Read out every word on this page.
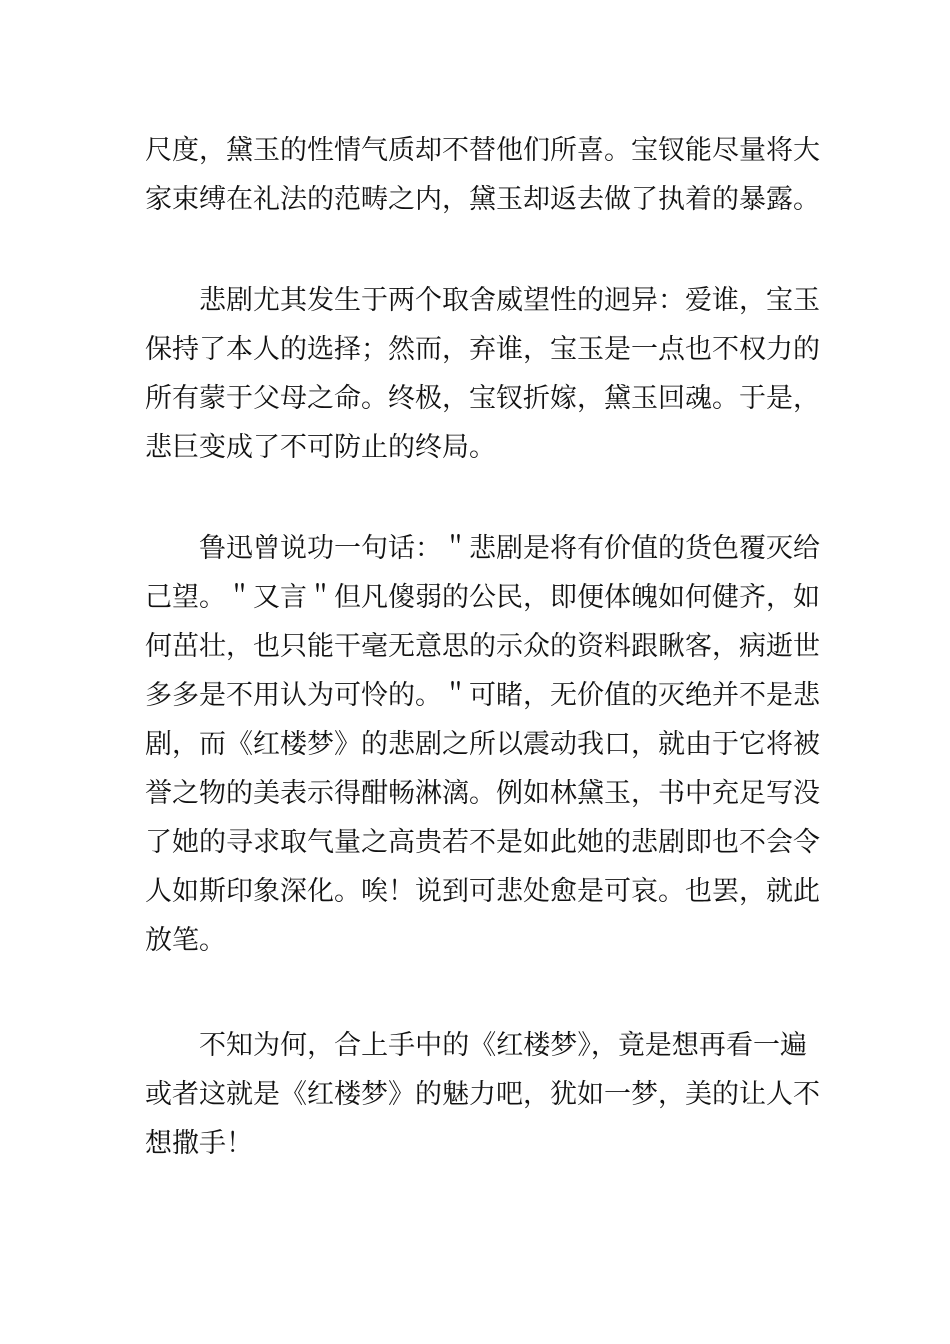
尺度，黛玉的性情气质却不替他们所喜。宝钗能尽量将大
家束缚在礼法的范畴之内，黛玉却返去做了执着的暴露。
悲剧尤其发生于两个取舍威望性的迥异：爱谁，宝玉
保持了本人的选择；然而，弃谁，宝玉是一点也不权力的
所有蒙于父母之命。终极，宝钗折嫁，黛玉回魂。于是，
悲巨变成了不可防止的终局。
鲁迅曾说功一句话：＂悲剧是将有价值的货色覆灭给
己望。＂又言＂但凡傻弱的公民，即便体魄如何健齐，如
何茁壮，也只能干毫无意思的示众的资料跟瞅客，病逝世
多多是不用认为可怜的。＂可睹，无价值的灭绝并不是悲
剧，而《红楼梦》的悲剧之所以震动我口，就由于它将被
誉之物的美表示得酣畅淋漓。例如林黛玉，书中充足写没
了她的寻求取气量之高贵若不是如此她的悲剧即也不会令
人如斯印象深化。唉！说到可悲处愈是可哀。也罢，就此
放笔。
不知为何，合上手中的《红楼梦》，竟是想再看一遍
或者这就是《红楼梦》的魅力吧，犹如一梦，美的让人不
想撒手！
